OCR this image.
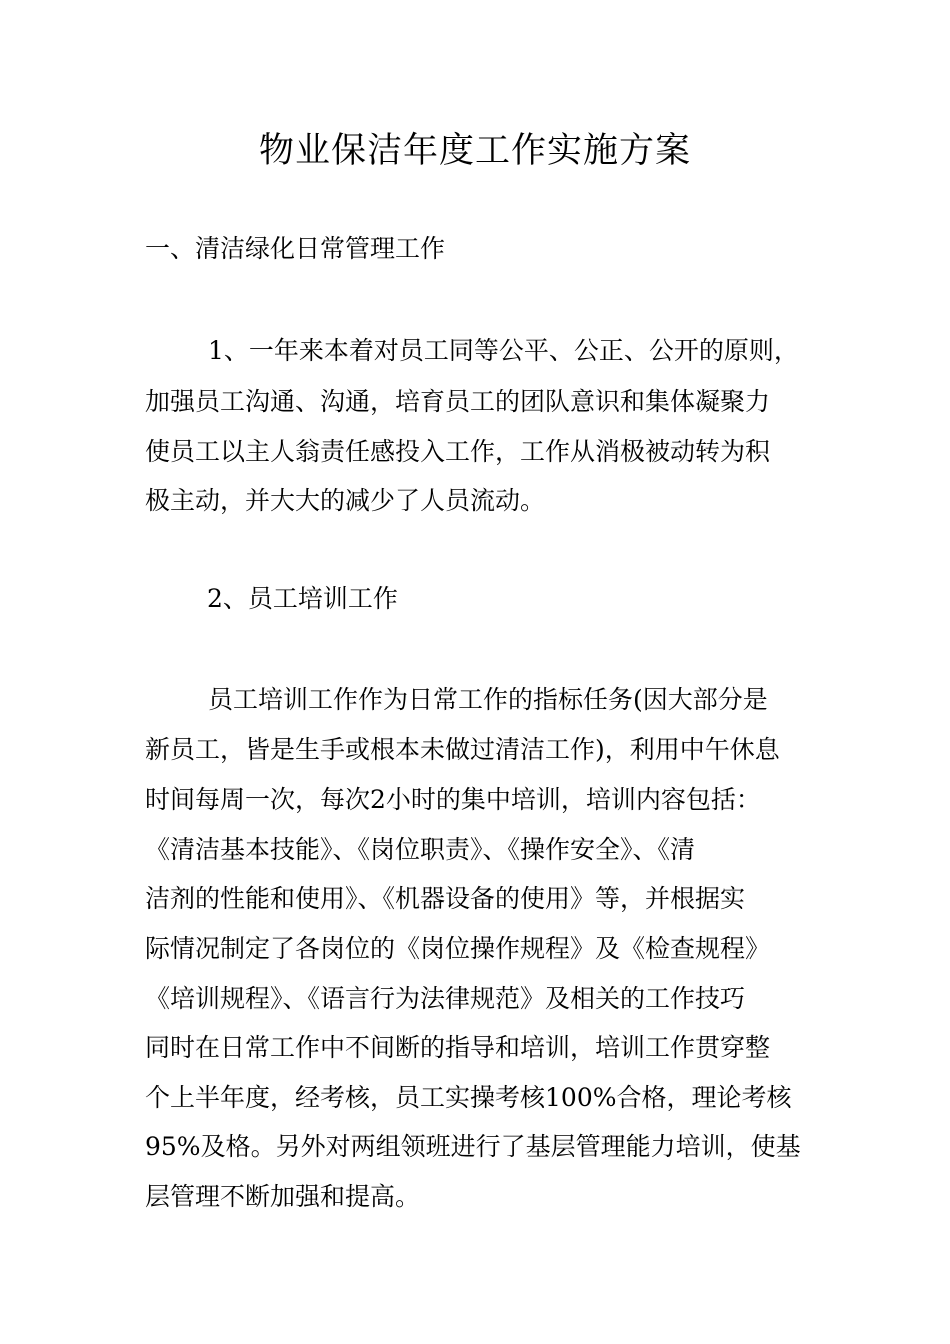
物业保洁年度工作实施方案

一、清洁绿化日常管理工作

　1、一年来本着对员工同等公平、公正、公开的原则，

加强员工沟通、沟通，培育员工的团队意识和集体凝聚力

使员工以主人翁责任感投入工作，工作从消极被动转为积

极主动，并大大的减少了人员流动。

2、员工培训工作

　员工培训工作作为日常工作的指标任务(因大部分是

新员工，皆是生手或根本未做过清洁工作)，利用中午休息

时间每周一次，每次2小时的集中培训，培训内容包括：

《清洁基本技能》、《岗位职责》、《操作安全》、《清

洁剂的性能和使用》、《机器设备的使用》等，并根据实

际情况制定了各岗位的《岗位操作规程》及《检查规程》

《培训规程》、《语言行为法律规范》及相关的工作技巧

同时在日常工作中不间断的指导和培训，培训工作贯穿整

个上半年度，经考核，员工实操考核100%合格，理论考核

95%及格。另外对两组领班进行了基层管理能力培训，使基

层管理不断加强和提高。
